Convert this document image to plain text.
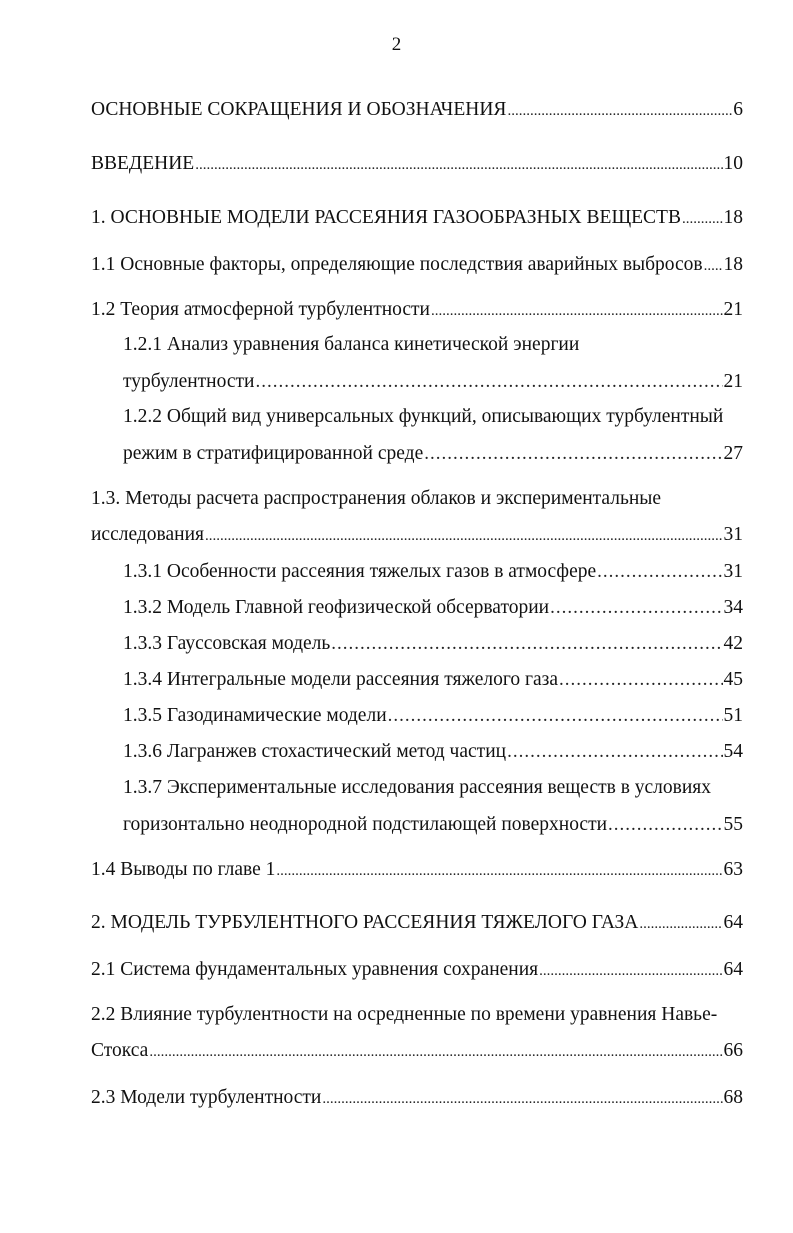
2
ОСНОВНЫЕ СОКРАЩЕНИЯ И ОБОЗНАЧЕНИЯ .....	6
ВВЕДЕНИЕ .....	10
1. ОСНОВНЫЕ МОДЕЛИ РАССЕЯНИЯ ГАЗООБРАЗНЫХ ВЕЩЕСТВ ..... 18
1.1 Основные факторы, определяющие последствия аварийных выбросов ..... 18
1.2 Теория атмосферной турбулентности .....	21
1.2.1 Анализ уравнения баланса кинетической энергии
турбулентности .....	21
1.2.2 Общий вид универсальных функций, описывающих турбулентный
режим в стратифицированной среде .....	27
1.3. Методы расчета распространения облаков и экспериментальные
исследования .....	31
1.3.1 Особенности рассеяния тяжелых газов в атмосфере .....	31
1.3.2 Модель Главной геофизической обсерватории .....	34
1.3.3 Гауссовская модель .....	42
1.3.4 Интегральные модели рассеяния тяжелого газа .....	45
1.3.5 Газодинамические модели .....	51
1.3.6 Лагранжев стохастический метод частиц .....	54
1.3.7 Экспериментальные исследования рассеяния веществ в условиях
горизонтально неоднородной подстилающей поверхности .....	55
1.4 Выводы по главе 1 .....	63
2. МОДЕЛЬ ТУРБУЛЕНТНОГО РАССЕЯНИЯ ТЯЖЕЛОГО ГАЗА .....	64
2.1 Система фундаментальных уравнения сохранения .....	64
2.2 Влияние турбулентности на осредненные по времени уравнения Навье-
Стокса .....	66
2.3 Модели турбулентности .....	68
